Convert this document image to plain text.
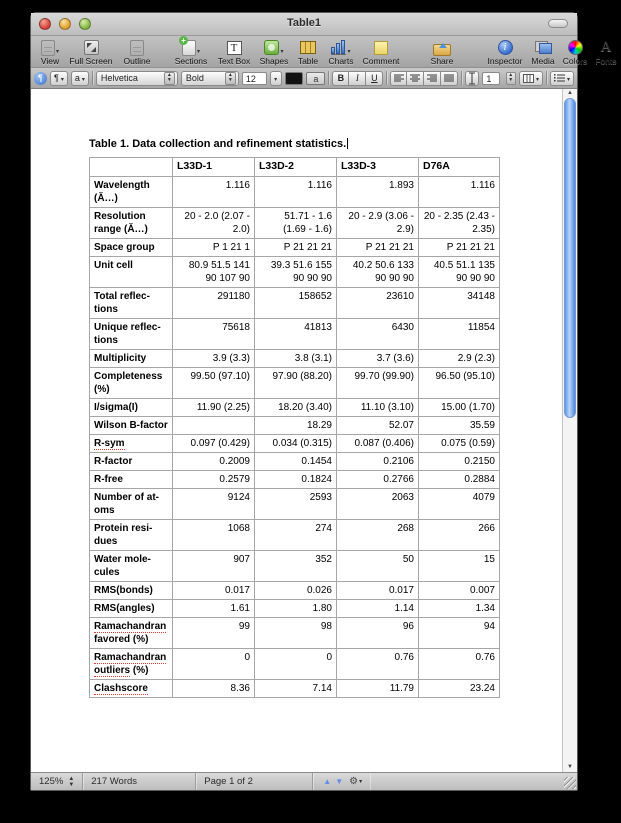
Table1
▾
View Full Screen Outline
+
▾
Sections
T
Text Box
▾
Shapes Table
▾
Charts Comment	Share
i
Inspector Media Colors
A
Fonts
¶	¶ ▾ a ▾ Helvetica	▲
▼ Bold	▲
▼	12	▾	a	B	I	U	1	▲
▼	▾	▾
Table 1. Data collection and refinement statistics.
	L33D-1	L33D-2	L33D-3	D76A
Wavelength (Ă…)	1.116	1.116	1.893	1.116
Resolution range (Ă…)	20 - 2.0 (2.07 - 2.0)	51.71 - 1.6 (1.69 - 1.6)	20 - 2.9 (3.06 - 2.9)	20 - 2.35 (2.43 - 2.35)
Space group	P 1 21 1	P 21 21 21	P 21 21 21	P 21 21 21
Unit cell	80.9 51.5 141 90 107 90	39.3 51.6 155 90 90 90	40.2 50.6 133 90 90 90	40.5 51.1 135 90 90 90
Total reflec-tions	291180	158652	23610	34148
Unique reflec-tions	75618	41813	6430	11854
Multiplicity	3.9 (3.3)	3.8 (3.1)	3.7 (3.6)	2.9 (2.3)
Completeness (%)	99.50 (97.10)	97.90 (88.20)	99.70 (99.90)	96.50 (95.10)
I/sigma(I)	11.90 (2.25)	18.20 (3.40)	11.10 (3.10)	15.00 (1.70)
Wilson B-factor		18.29	52.07	35.59
R-sym	0.097 (0.429)	0.034 (0.315)	0.087 (0.406)	0.075 (0.59)
R-factor	0.2009	0.1454	0.2106	0.2150
R-free	0.2579	0.1824	0.2766	0.2884
Number of at-oms	9124	2593	2063	4079
Protein resi-dues	1068	274	268	266
Water mole-cules	907	352	50	15
RMS(bonds)	0.017	0.026	0.017	0.007
RMS(angles)	1.61	1.80	1.14	1.34
Ramachandran favored (%)	99	98	96	94
Ramachandran outliers (%)	0	0	0.76	0.76
Clashscore	8.36	7.14	11.79	23.24
▲
▼
125% ▲
▼	217 Words	Page 1 of 2	▲ ▼ ⚙ ▾
